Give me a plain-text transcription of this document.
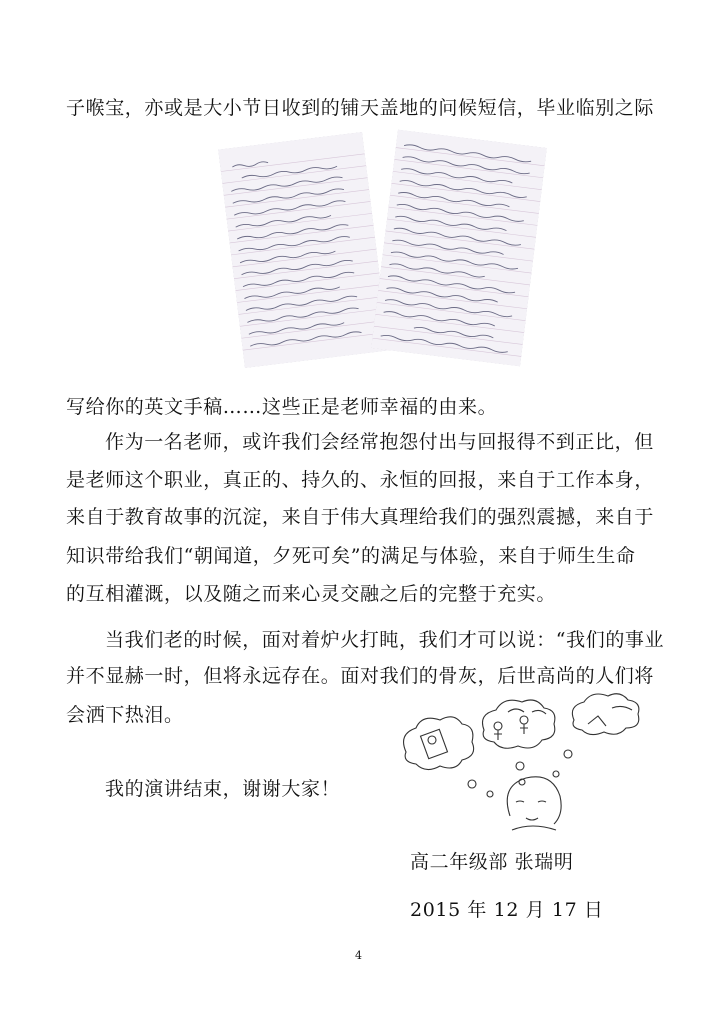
子喉宝，亦或是大小节日收到的铺天盖地的问候短信，毕业临别之际
写给你的英文手稿……这些正是老师幸福的由来。
作为一名老师，或许我们会经常抱怨付出与回报得不到正比，但
是老师这个职业，真正的、持久的、永恒的回报，来自于工作本身，
来自于教育故事的沉淀，来自于伟大真理给我们的强烈震撼，来自于
知识带给我们“朝闻道，夕死可矣”的满足与体验，来自于师生生命
的互相灌溉，以及随之而来心灵交融之后的完整于充实。
当我们老的时候，面对着炉火打盹，我们才可以说：“我们的事业
并不显赫一时，但将永远存在。面对我们的骨灰，后世高尚的人们将
会洒下热泪。
我的演讲结束，谢谢大家！
高二年级部 张瑞明
2015 年 12 月 17 日
4
